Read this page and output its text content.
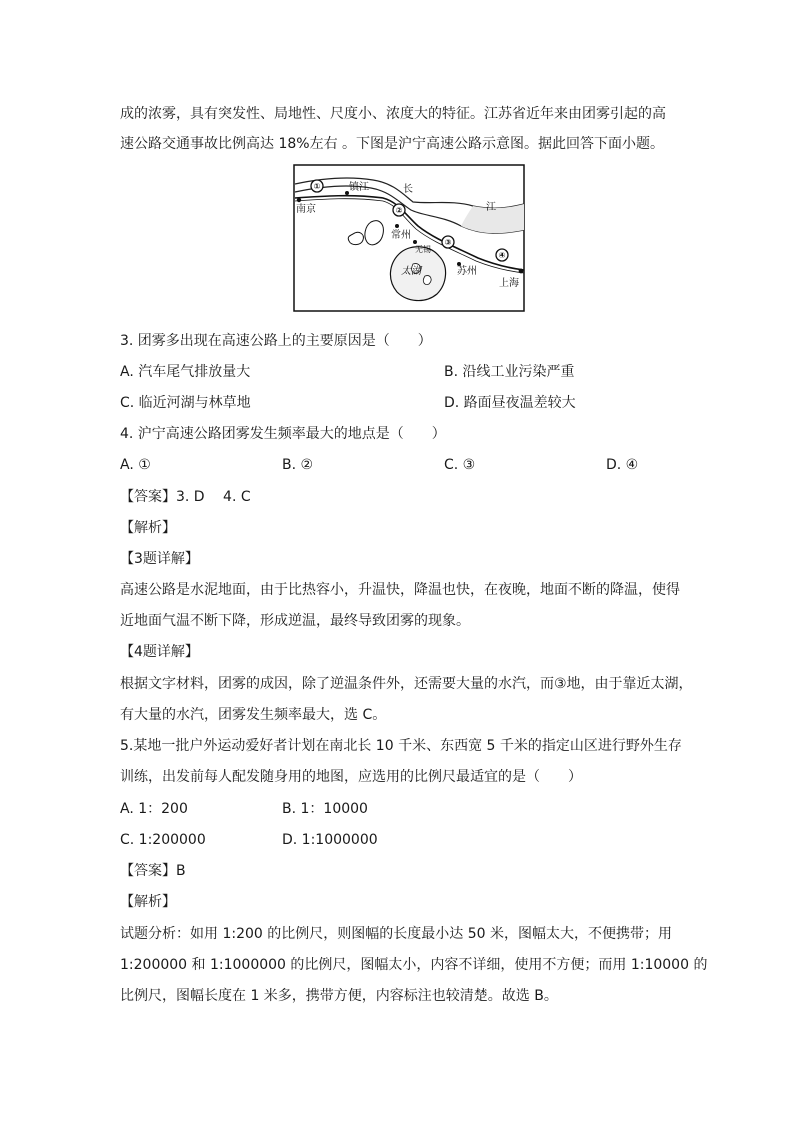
成的浓雾，具有突发性、局地性、尺度小、浓度大的特征。江苏省近年来由团雾引起的高
速公路交通事故比例高达 18%左右 。下图是沪宁高速公路示意图。据此回答下面小题。
①
②
③
④
南京
镇江	长
江
常州
无锡
太湖	苏州
上海
3. 团雾多出现在高速公路上的主要原因是（　　）
A. 汽车尾气排放量大	B. 沿线工业污染严重
C. 临近河湖与林草地	D. 路面昼夜温差较大
4. 沪宁高速公路团雾发生频率最大的地点是（　　）
A. ①	B. ②	C. ③	D. ④
【答案】3. D　 4. C
【解析】
【3题详解】
高速公路是水泥地面，由于比热容小，升温快，降温也快，在夜晚，地面不断的降温，使得
近地面气温不断下降，形成逆温，最终导致团雾的现象。
【4题详解】
根据文字材料，团雾的成因，除了逆温条件外，还需要大量的水汽，而③地，由于靠近太湖，
有大量的水汽，团雾发生频率最大，选 C。
5.某地一批户外运动爱好者计划在南北长 10 千米、东西宽 5 千米的指定山区进行野外生存
训练，出发前每人配发随身用的地图，应选用的比例尺最适宜的是（　　）
A. 1：200	B. 1：10000
C. 1:200000	D. 1:1000000
【答案】B
【解析】
试题分析：如用 1:200 的比例尺，则图幅的长度最小达 50 米，图幅太大，不便携带；用
1:200000 和 1:1000000 的比例尺，图幅太小，内容不详细，使用不方便；而用 1:10000 的
比例尺，图幅长度在 1 米多，携带方便，内容标注也较清楚。故选 B。
